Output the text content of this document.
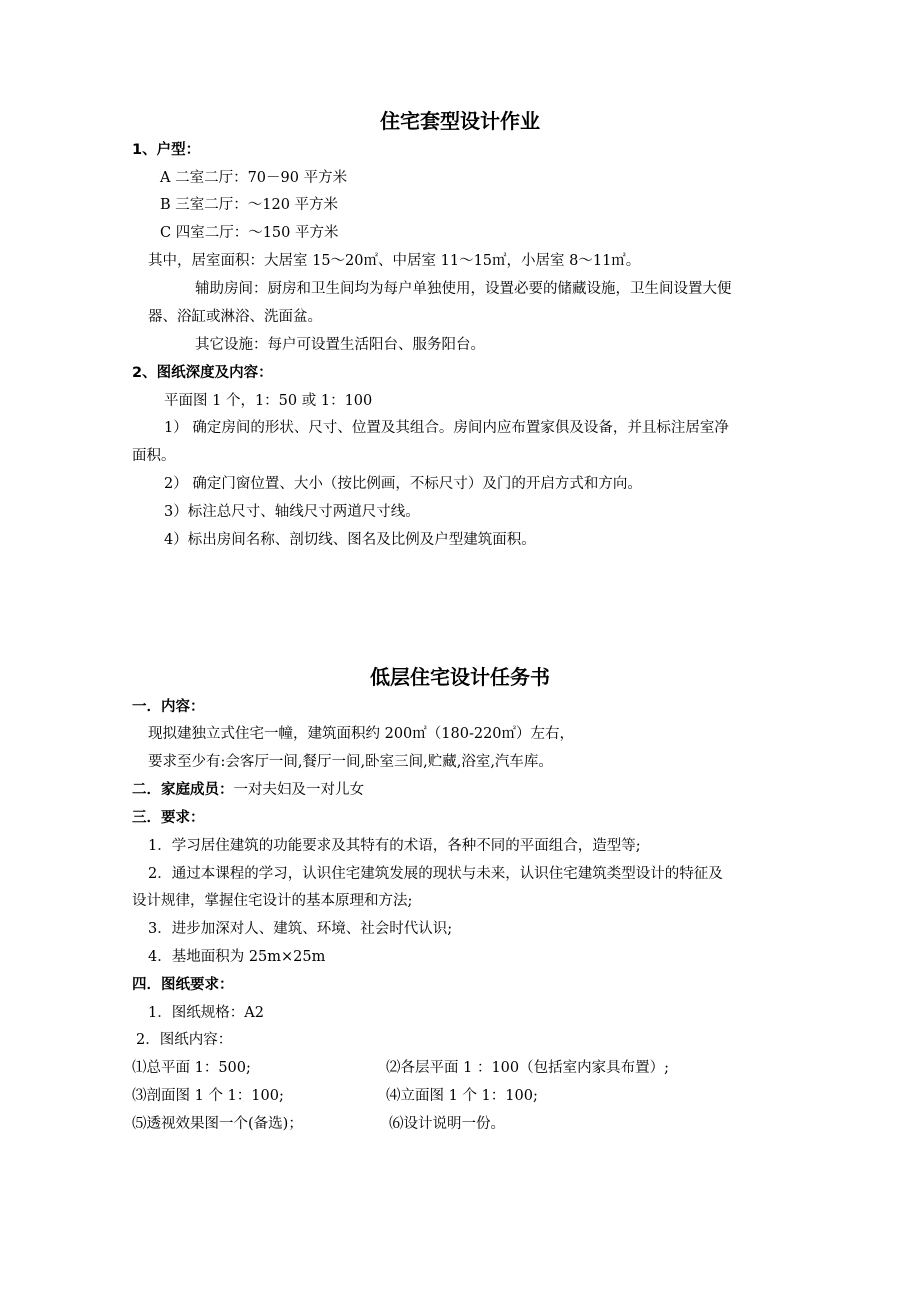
住宅套型设计作业
1、户型：
A 二室二厅：70－90 平方米
B 三室二厅：～120 平方米
C 四室二厅：～150 平方米
其中，居室面积：大居室 15～20㎡、中居室 11～15㎡，小居室 8～11㎡。
辅助房间：厨房和卫生间均为每户单独使用，设置必要的储藏设施，卫生间设置大便
器、浴缸或淋浴、洗面盆。
其它设施：每户可设置生活阳台、服务阳台。
2、图纸深度及内容：
平面图 1 个，1：50 或 1：100
1） 确定房间的形状、尺寸、位置及其组合。房间内应布置家俱及设备，并且标注居室净
面积。
2） 确定门窗位置、大小（按比例画，不标尺寸）及门的开启方式和方向。
3）标注总尺寸、轴线尺寸两道尺寸线。
4）标出房间名称、剖切线、图名及比例及户型建筑面积。
低层住宅设计任务书
一．内容：
现拟建独立式住宅一幢，建筑面积约 200㎡（180-220㎡）左右，
要求至少有:会客厅一间,餐厅一间,卧室三间,贮藏,浴室,汽车库。
二．家庭成员：一对夫妇及一对儿女
三．要求：
1．学习居住建筑的功能要求及其特有的术语，各种不同的平面组合，造型等;
2．通过本课程的学习，认识住宅建筑发展的现状与未来，认识住宅建筑类型设计的特征及
设计规律，掌握住宅设计的基本原理和方法;
3．进步加深对人、建筑、环境、社会时代认识;
4．基地面积为 25m×25m
四．图纸要求：
1．图纸规格：A2
2．图纸内容：
⑴总平面 1：500;	⑵各层平面 1 ：100（包括室内家具布置）;
⑶剖面图 1 个 1：100;	⑷立面图 1 个 1：100;
⑸透视效果图一个(备选)；	⑹设计说明一份。
